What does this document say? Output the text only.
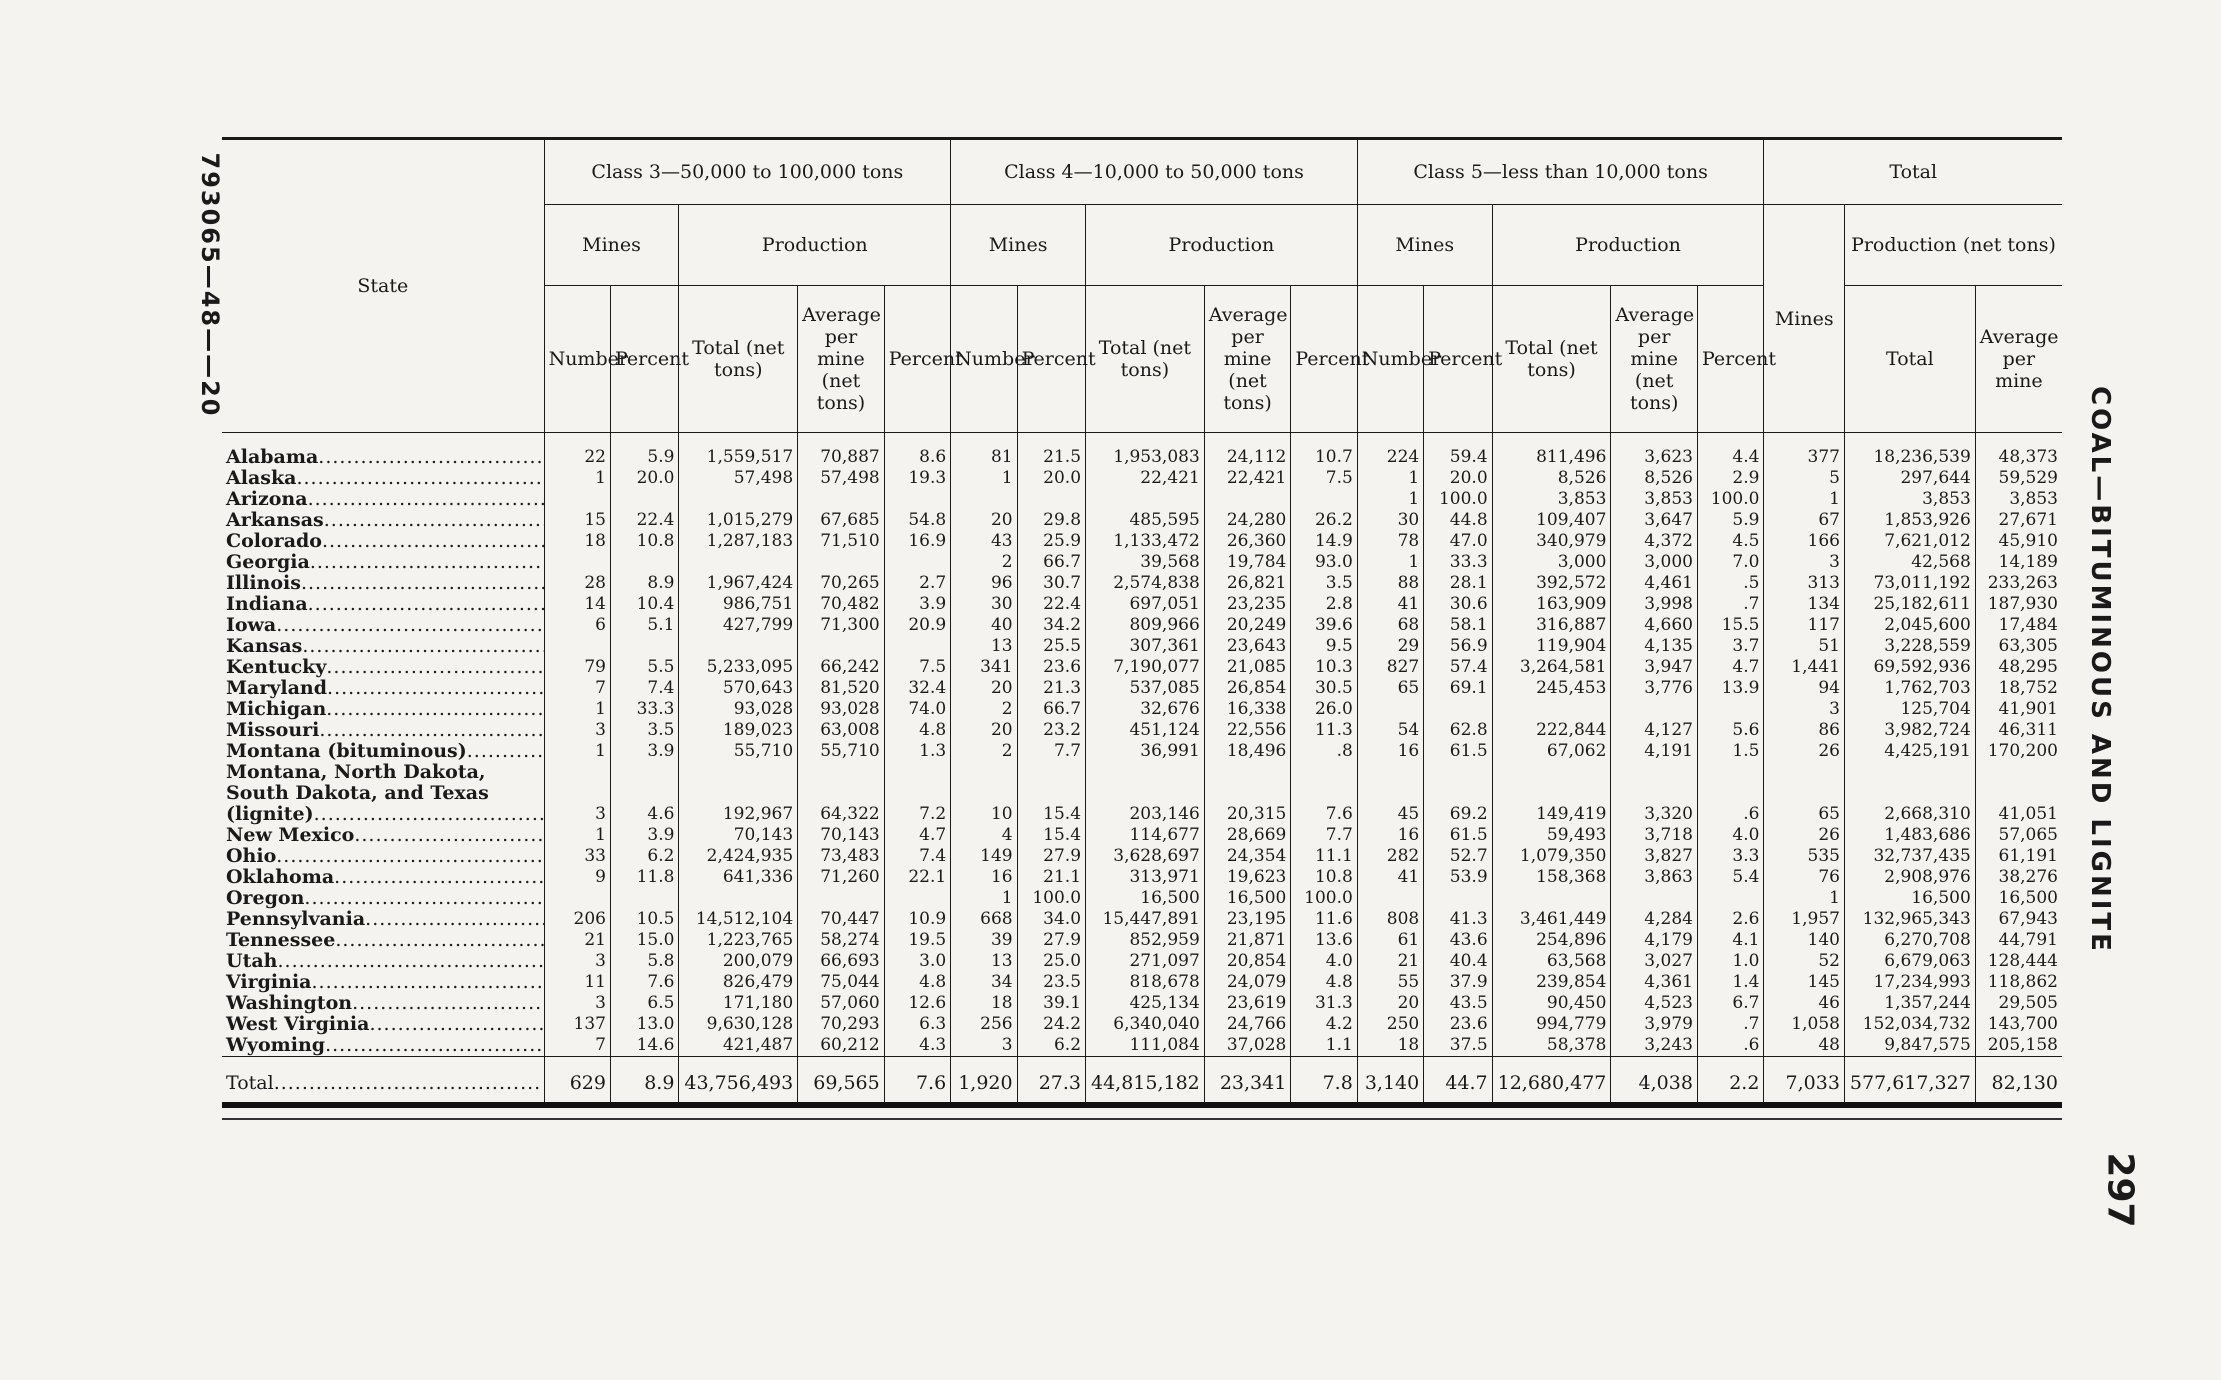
793065—48——20
COAL—BITUMINOUS AND LIGNITE
297
State	Class 3—50,000 to 100,000 tons					Class 4—10,000 to 50,000 tons					Class 5—less than 10,000 tons					Total		
	Mines		Production			Mines		Production			Mines		Production			Mines	Production (net tons)	
	Number	Percent	Total (net tons)	Average per mine (net tons)	Percent	Number	Percent	Total (net tons)	Average per mine (net tons)	Percent	Number	Percent	Total (net tons)	Average per mine (net tons)	Percent		Total	Average per mine
Alabama .....	22	5.9	1,559,517	70,887	8.6	81	21.5	1,953,083	24,112	10.7	224	59.4	811,496	3,623	4.4	377	18,236,539	48,373
Alaska .....	1	20.0	57,498	57,498	19.3	1	20.0	22,421	22,421	7.5	1	20.0	8,526	8,526	2.9	5	297,644	59,529
Arizona .....											1	100.0	3,853	3,853	100.0	1	3,853	3,853
Arkansas .....	15	22.4	1,015,279	67,685	54.8	20	29.8	485,595	24,280	26.2	30	44.8	109,407	3,647	5.9	67	1,853,926	27,671
Colorado .....	18	10.8	1,287,183	71,510	16.9	43	25.9	1,133,472	26,360	14.9	78	47.0	340,979	4,372	4.5	166	7,621,012	45,910
Georgia .....						2	66.7	39,568	19,784	93.0	1	33.3	3,000	3,000	7.0	3	42,568	14,189
Illinois .....	28	8.9	1,967,424	70,265	2.7	96	30.7	2,574,838	26,821	3.5	88	28.1	392,572	4,461	.5	313	73,011,192	233,263
Indiana .....	14	10.4	986,751	70,482	3.9	30	22.4	697,051	23,235	2.8	41	30.6	163,909	3,998	.7	134	25,182,611	187,930
Iowa .....	6	5.1	427,799	71,300	20.9	40	34.2	809,966	20,249	39.6	68	58.1	316,887	4,660	15.5	117	2,045,600	17,484
Kansas .....						13	25.5	307,361	23,643	9.5	29	56.9	119,904	4,135	3.7	51	3,228,559	63,305
Kentucky .....	79	5.5	5,233,095	66,242	7.5	341	23.6	7,190,077	21,085	10.3	827	57.4	3,264,581	3,947	4.7	1,441	69,592,936	48,295
Maryland .....	7	7.4	570,643	81,520	32.4	20	21.3	537,085	26,854	30.5	65	69.1	245,453	3,776	13.9	94	1,762,703	18,752
Michigan .....	1	33.3	93,028	93,028	74.0	2	66.7	32,676	16,338	26.0						3	125,704	41,901
Missouri .....	3	3.5	189,023	63,008	4.8	20	23.2	451,124	22,556	11.3	54	62.8	222,844	4,127	5.6	86	3,982,724	46,311
Montana (bituminous) .....	1	3.9	55,710	55,710	1.3	2	7.7	36,991	18,496	.8	16	61.5	67,062	4,191	1.5	26	4,425,191	170,200
Montana, North Dakota, South Dakota, and Texas (lignite) .....	3	4.6	192,967	64,322	7.2	10	15.4	203,146	20,315	7.6	45	69.2	149,419	3,320	.6	65	2,668,310	41,051
New Mexico .....	1	3.9	70,143	70,143	4.7	4	15.4	114,677	28,669	7.7	16	61.5	59,493	3,718	4.0	26	1,483,686	57,065
Ohio .....	33	6.2	2,424,935	73,483	7.4	149	27.9	3,628,697	24,354	11.1	282	52.7	1,079,350	3,827	3.3	535	32,737,435	61,191
Oklahoma .....	9	11.8	641,336	71,260	22.1	16	21.1	313,971	19,623	10.8	41	53.9	158,368	3,863	5.4	76	2,908,976	38,276
Oregon .....						1	100.0	16,500	16,500	100.0						1	16,500	16,500
Pennsylvania .....	206	10.5	14,512,104	70,447	10.9	668	34.0	15,447,891	23,195	11.6	808	41.3	3,461,449	4,284	2.6	1,957	132,965,343	67,943
Tennessee .....	21	15.0	1,223,765	58,274	19.5	39	27.9	852,959	21,871	13.6	61	43.6	254,896	4,179	4.1	140	6,270,708	44,791
Utah .....	3	5.8	200,079	66,693	3.0	13	25.0	271,097	20,854	4.0	21	40.4	63,568	3,027	1.0	52	6,679,063	128,444
Virginia .....	11	7.6	826,479	75,044	4.8	34	23.5	818,678	24,079	4.8	55	37.9	239,854	4,361	1.4	145	17,234,993	118,862
Washington .....	3	6.5	171,180	57,060	12.6	18	39.1	425,134	23,619	31.3	20	43.5	90,450	4,523	6.7	46	1,357,244	29,505
West Virginia .....	137	13.0	9,630,128	70,293	6.3	256	24.2	6,340,040	24,766	4.2	250	23.6	994,779	3,979	.7	1,058	152,034,732	143,700
Wyoming .....	7	14.6	421,487	60,212	4.3	3	6.2	111,084	37,028	1.1	18	37.5	58,378	3,243	.6	48	9,847,575	205,158
Total .....	629	8.9	43,756,493	69,565	7.6	1,920	27.3	44,815,182	23,341	7.8	3,140	44.7	12,680,477	4,038	2.2	7,033	577,617,327	82,130
